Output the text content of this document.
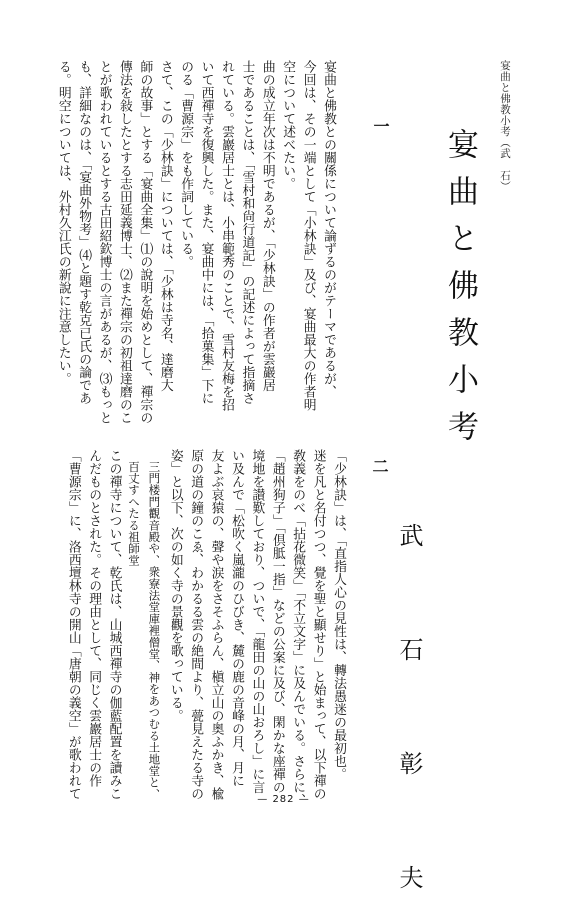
宴曲と佛教小考（武　石）
宴曲と佛教小考
武　石　彰　夫
一
二

宴曲と佛教との關係について論ずるのがテーマであるが、

今回は、その一端として「小林訣」及び、宴曲最大の作者明

空について述べたい。

曲の成立年次は不明であるが、「少林訣」の作者が雲巖居

士であることは、「雪村和尙行道記」の記述によって指摘さ

れている。雲巖居士とは、小串範秀のことで、雪村友梅を招

いて西禪寺を復興した。また、宴曲中には、「拾菓集」下に

のる「曹源宗」をも作詞している。

さて、この「少林訣」については、「少林は寺名、達磨大

師の故事」とする「宴曲全集」⑴の說明を始めとして、禪宗の

傳法を敍したとする志田延義博士、⑵また禪宗の初祖達磨のこ

とが歌われているとする古田紹欽博士の言があるが、⑶もっと

も、詳細なのは、「宴曲外物考」⑷と題す乾克已氏の論であ

る。明空については、外村久江氏の新說に注意したい。

「少林訣」は、「直指人心の見性は、轉法愚迷の最初也。

迷を凡と名付つつ、覺を聖と顯せり」と始まって、以下禪の

敎義をのべ「拈花微笑」「不立文字」に及んでいる。さらに、

「趙州狗子」「倶胝一指」などの公案に及び、閑かな座禪の

境地を讃歎しており、ついで、「龍田の山の山おろし」に言

い及んで「松吹く嵐瀧のひびき、麓の鹿の音峰の月、月に

友よぶ哀猿の、聲や涙をさそふらん、槇立山の奥ふかき、楡

原の道の鐘のこゑ、わかるる雲の絶間より、甍見えたる寺の

姿」と以下、次の如く寺の景觀を歌っている。

　三門楼門觀音殿や、衆寮法堂庫裡僧堂、神をあつむる土地堂と、

　百丈すへたる祖師堂

この禪寺について、乾氏は、山城西禪寺の伽藍配置を讀みこ

んだものとされた。その理由として、同じく雲巖居士の作

「曹源宗」に、洛西壇林寺の開山「唐朝の義空」が歌われて	— 282 —
